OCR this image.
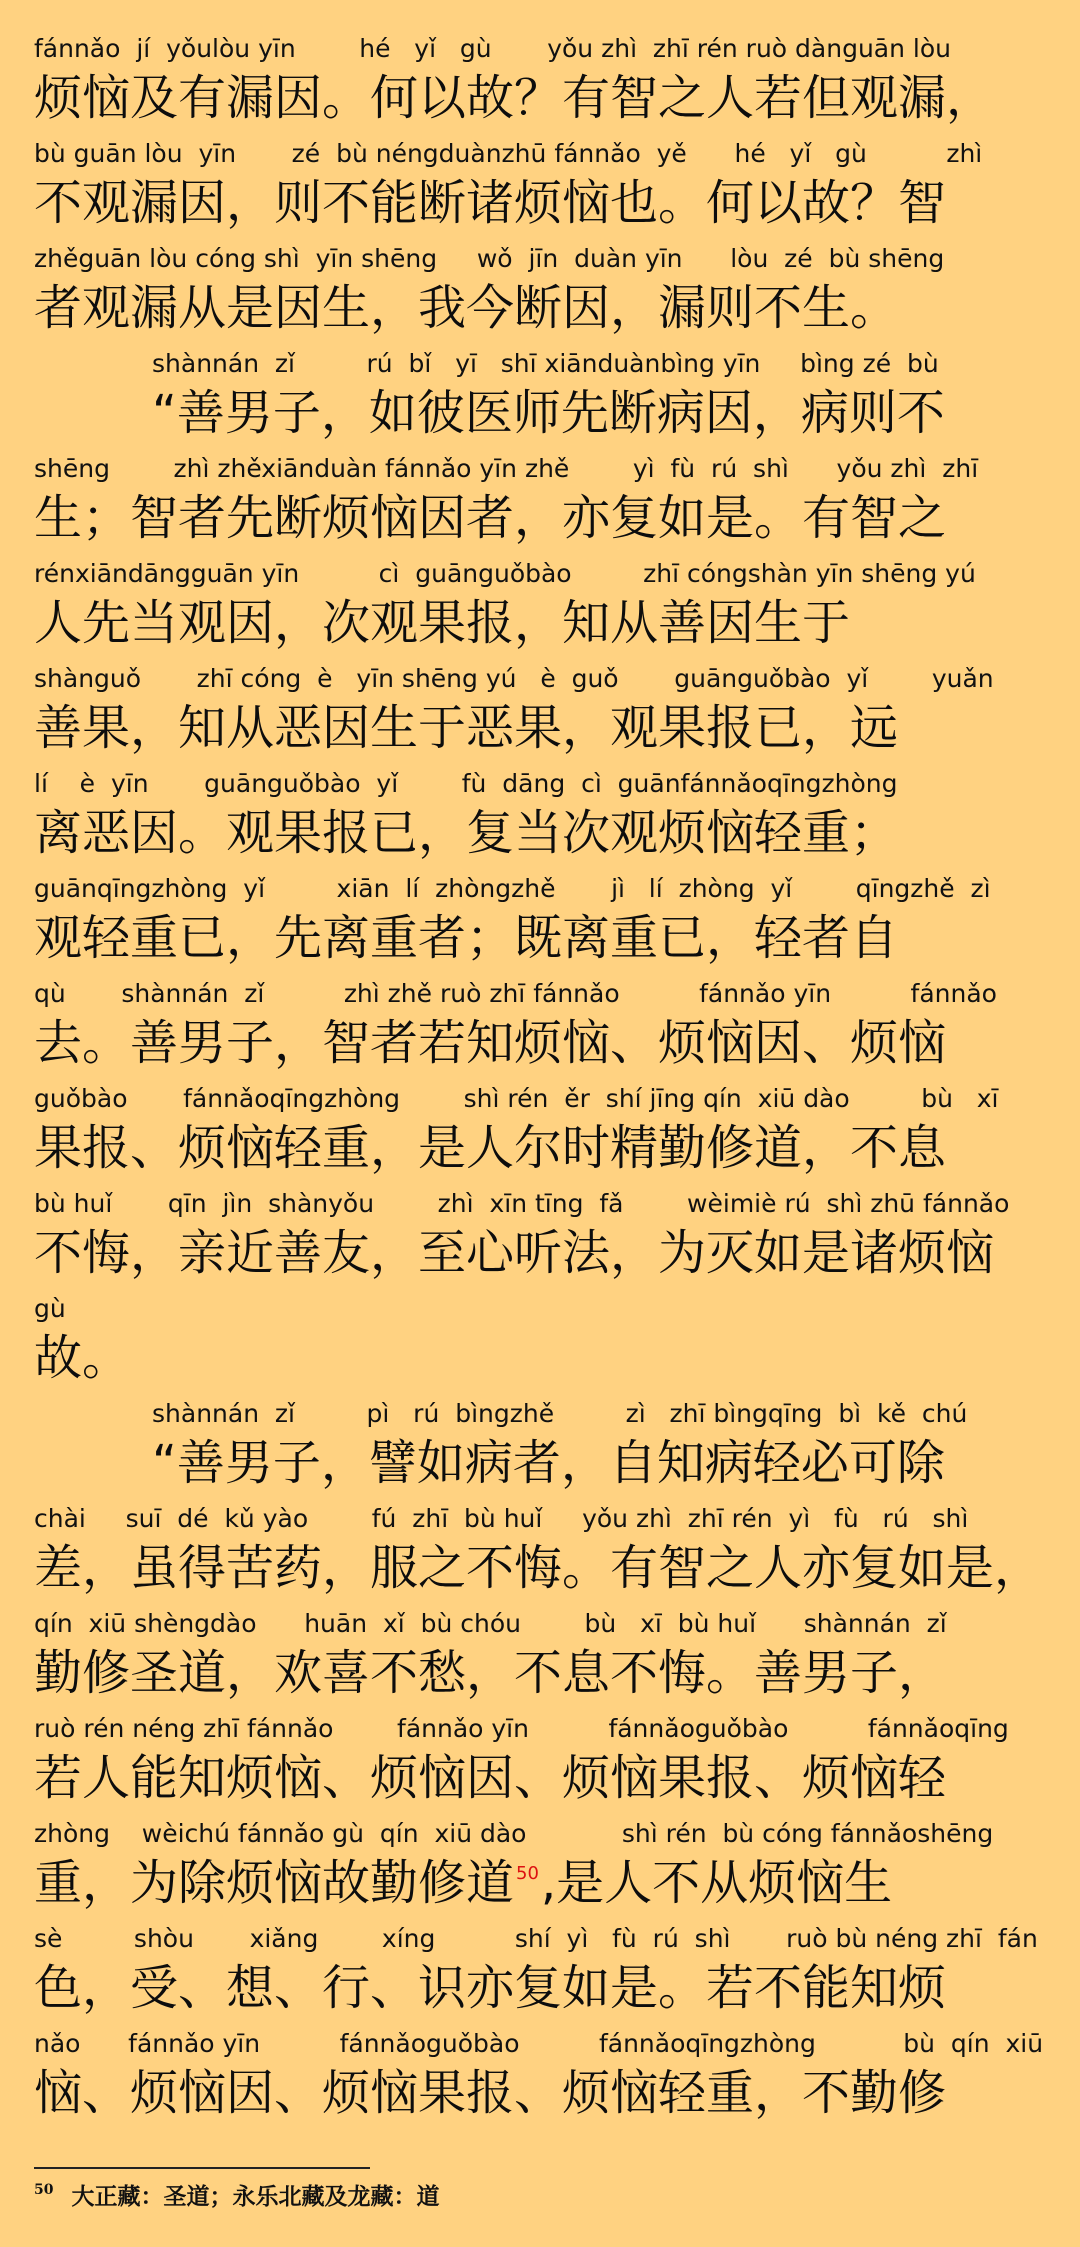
fánnǎo  jí  yǒulòu yīn        hé   yǐ   gù       yǒu zhì  zhī rén ruò dànguān lòu
烦恼及有漏因。何以故？有智之人若但观漏，
bù guān lòu  yīn       zé  bù néngduànzhū fánnǎo  yě      hé   yǐ   gù          zhì
不观漏因，则不能断诸烦恼也。何以故？智
zhěguān lòu cóng shì  yīn shēng     wǒ  jīn  duàn yīn      lòu  zé  bù shēng
者观漏从是因生，我今断因，漏则不生。
shànnán  zǐ         rú  bǐ   yī   shī xiānduànbìng yīn     bìng zé  bù
“善男子，如彼医师先断病因，病则不
shēng        zhì zhěxiānduàn fánnǎo yīn zhě        yì  fù  rú  shì      yǒu zhì  zhī
生；智者先断烦恼因者，亦复如是。有智之
rénxiāndāngguān yīn          cì  guānguǒbào         zhī cóngshàn yīn shēng yú
人先当观因，次观果报，知从善因生于
shànguǒ       zhī cóng  è   yīn shēng yú   è  guǒ       guānguǒbào  yǐ        yuǎn
善果，知从恶因生于恶果，观果报已，远
lí    è  yīn       guānguǒbào  yǐ        fù  dāng  cì  guānfánnǎoqīngzhòng
离恶因。观果报已，复当次观烦恼轻重；
guānqīngzhòng  yǐ         xiān  lí  zhòngzhě       jì   lí  zhòng  yǐ        qīngzhě  zì
观轻重已，先离重者；既离重已，轻者自
qù       shànnán  zǐ          zhì zhě ruò zhī fánnǎo          fánnǎo yīn          fánnǎo
去。善男子，智者若知烦恼、烦恼因、烦恼
guǒbào       fánnǎoqīngzhòng        shì rén  ěr  shí jīng qín  xiū dào         bù   xī
果报、烦恼轻重，是人尔时精勤修道，不息
bù huǐ       qīn  jìn  shànyǒu        zhì  xīn tīng  fǎ        wèimiè rú  shì zhū fánnǎo
不悔，亲近善友，至心听法，为灭如是诸烦恼
gù
故。
shànnán  zǐ         pì   rú  bìngzhě         zì   zhī bìngqīng  bì  kě  chú
“善男子，譬如病者，自知病轻必可除
chài     suī  dé  kǔ yào        fú  zhī  bù huǐ     yǒu zhì  zhī rén  yì   fù   rú   shì
差，虽得苦药，服之不悔。有智之人亦复如是，
qín  xiū shèngdào      huān  xǐ  bù chóu        bù   xī  bù huǐ      shànnán  zǐ
勤修圣道，欢喜不愁，不息不悔。善男子，
ruò rén néng zhī fánnǎo        fánnǎo yīn          fánnǎoguǒbào          fánnǎoqīng
若人能知烦恼、烦恼因、烦恼果报、烦恼轻
zhòng    wèichú fánnǎo gù  qín  xiū dào            shì rén  bù cóng fánnǎoshēng
重，为除烦恼故勤修道 50 ,是人不从烦恼生
sè         shòu       xiǎng        xíng          shí  yì   fù  rú  shì       ruò bù néng zhī  fán
色，受、想、行、识亦复如是。若不能知烦
nǎo      fánnǎo yīn          fánnǎoguǒbào          fánnǎoqīngzhòng           bù  qín  xiū
恼、烦恼因、烦恼果报、烦恼轻重，不勤修
$^{50}$ 大正藏：圣道；永乐北藏及龙藏：道
